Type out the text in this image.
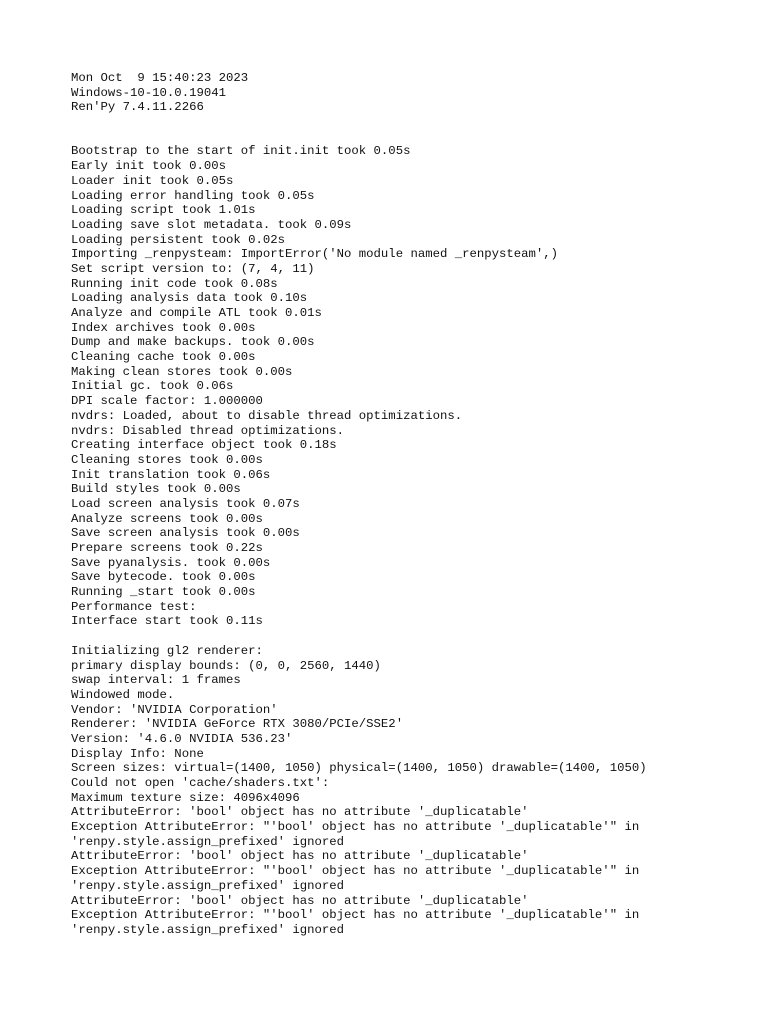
Mon Oct  9 15:40:23 2023
Windows-10-10.0.19041
Ren'Py 7.4.11.2266
Bootstrap to the start of init.init took 0.05s
Early init took 0.00s
Loader init took 0.05s
Loading error handling took 0.05s
Loading script took 1.01s
Loading save slot metadata. took 0.09s
Loading persistent took 0.02s
Importing _renpysteam: ImportError('No module named _renpysteam',)
Set script version to: (7, 4, 11)
Running init code took 0.08s
Loading analysis data took 0.10s
Analyze and compile ATL took 0.01s
Index archives took 0.00s
Dump and make backups. took 0.00s
Cleaning cache took 0.00s
Making clean stores took 0.00s
Initial gc. took 0.06s
DPI scale factor: 1.000000
nvdrs: Loaded, about to disable thread optimizations.
nvdrs: Disabled thread optimizations.
Creating interface object took 0.18s
Cleaning stores took 0.00s
Init translation took 0.06s
Build styles took 0.00s
Load screen analysis took 0.07s
Analyze screens took 0.00s
Save screen analysis took 0.00s
Prepare screens took 0.22s
Save pyanalysis. took 0.00s
Save bytecode. took 0.00s
Running _start took 0.00s
Performance test:
Interface start took 0.11s
Initializing gl2 renderer:
primary display bounds: (0, 0, 2560, 1440)
swap interval: 1 frames
Windowed mode.
Vendor: 'NVIDIA Corporation'
Renderer: 'NVIDIA GeForce RTX 3080/PCIe/SSE2'
Version: '4.6.0 NVIDIA 536.23'
Display Info: None
Screen sizes: virtual=(1400, 1050) physical=(1400, 1050) drawable=(1400, 1050)
Could not open 'cache/shaders.txt':
Maximum texture size: 4096x4096
AttributeError: 'bool' object has no attribute '_duplicatable'
Exception AttributeError: "'bool' object has no attribute '_duplicatable'" in
'renpy.style.assign_prefixed' ignored
AttributeError: 'bool' object has no attribute '_duplicatable'
Exception AttributeError: "'bool' object has no attribute '_duplicatable'" in
'renpy.style.assign_prefixed' ignored
AttributeError: 'bool' object has no attribute '_duplicatable'
Exception AttributeError: "'bool' object has no attribute '_duplicatable'" in
'renpy.style.assign_prefixed' ignored
